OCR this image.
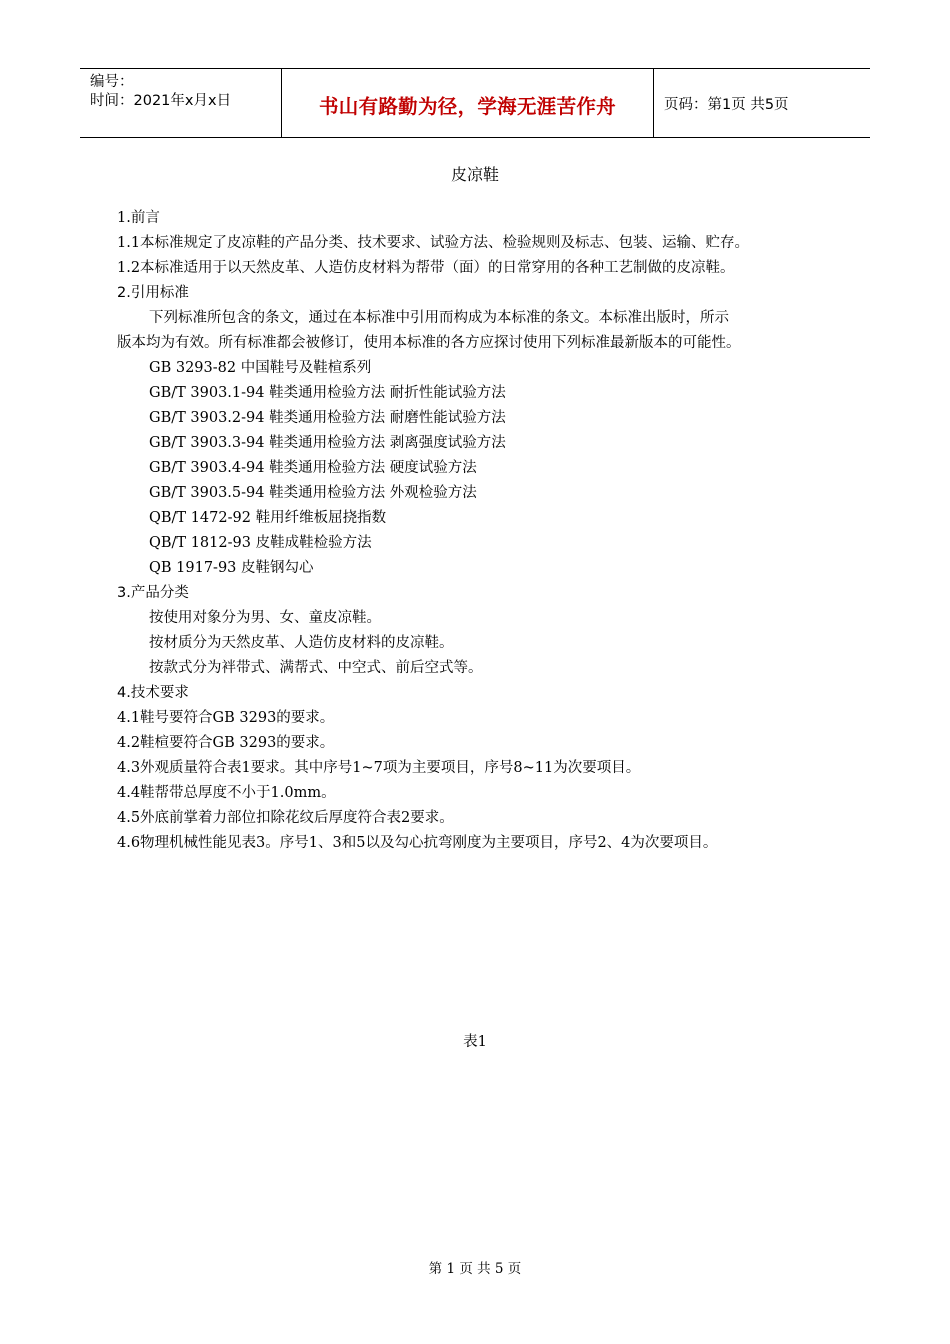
编号：
时间：2021年x月x日	书山有路勤为径，学海无涯苦作舟	页码：第1页 共5页
皮凉鞋
1.前言
1.1本标准规定了皮凉鞋的产品分类、技术要求、试验方法、检验规则及标志、包装、运输、贮存。
1.2本标准适用于以天然皮革、人造仿皮材料为帮带（面）的日常穿用的各种工艺制做的皮凉鞋。
2.引用标准
下列标准所包含的条文，通过在本标准中引用而构成为本标准的条文。本标准出版时，所示
版本均为有效。所有标准都会被修订，使用本标准的各方应探讨使用下列标准最新版本的可能性。
GB 3293-82 中国鞋号及鞋楦系列
GB/T 3903.1-94 鞋类通用检验方法 耐折性能试验方法
GB/T 3903.2-94 鞋类通用检验方法 耐磨性能试验方法
GB/T 3903.3-94 鞋类通用检验方法 剥离强度试验方法
GB/T 3903.4-94 鞋类通用检验方法 硬度试验方法
GB/T 3903.5-94 鞋类通用检验方法 外观检验方法
QB/T 1472-92 鞋用纤维板屈挠指数
QB/T 1812-93 皮鞋成鞋检验方法
QB 1917-93 皮鞋钢勾心
3.产品分类
按使用对象分为男、女、童皮凉鞋。
按材质分为天然皮革、人造仿皮材料的皮凉鞋。
按款式分为袢带式、满帮式、中空式、前后空式等。
4.技术要求
4.1鞋号要符合GB 3293的要求。
4.2鞋楦要符合GB 3293的要求。
4.3外观质量符合表1要求。其中序号1~7项为主要项目，序号8~11为次要项目。
4.4鞋帮带总厚度不小于1.0mm。
4.5外底前掌着力部位扣除花纹后厚度符合表2要求。
4.6物理机械性能见表3。序号1、3和5以及勾心抗弯刚度为主要项目，序号2、4为次要项目。
表1
第 1 页 共 5 页
